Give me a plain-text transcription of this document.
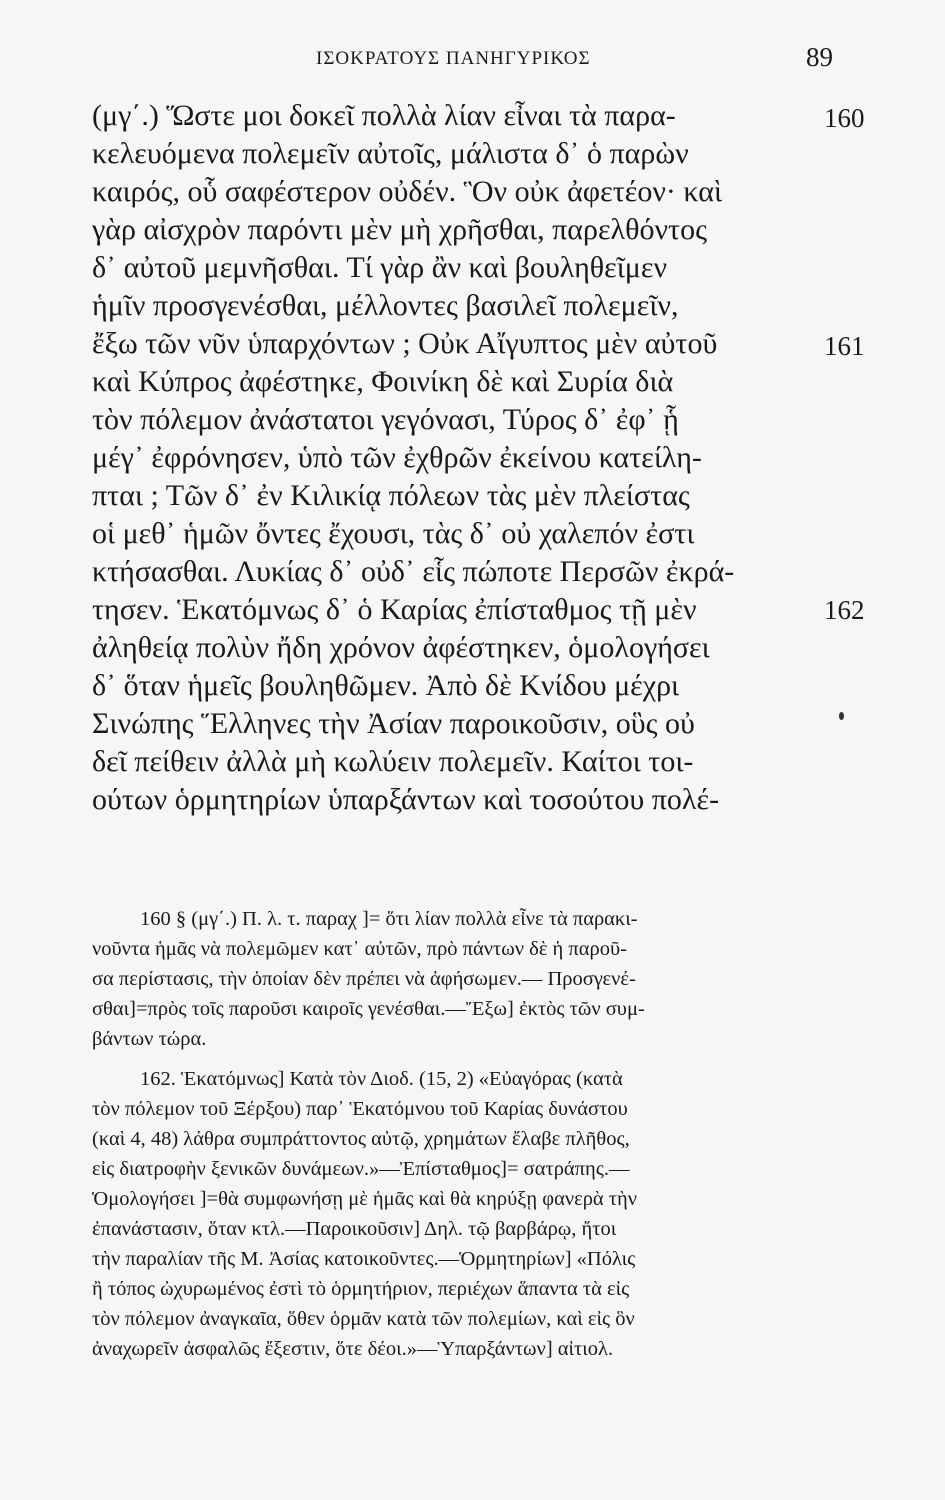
ΙΣΟΚΡΑΤΟΥΣ ΠΑΝΗΓΥΡΙΚΟΣ	89
(μγ΄.) Ὥστε μοι δοκεῖ πολλὰ λίαν εἶναι τὰ παρα-
κελευόμενα πολεμεῖν αὐτοῖς, μάλιστα δ᾽ ὁ παρὼν
καιρός, οὗ σαφέστερον οὐδέν. Ὃν οὐκ ἀφετέον· καὶ
γὰρ αἰσχρὸν παρόντι μὲν μὴ χρῆσθαι, παρελθόντος
δ᾽ αὐτοῦ μεμνῆσθαι. Τί γὰρ ἂν καὶ βουληθεῖμεν
ἡμῖν προσγενέσθαι, μέλλοντες βασιλεῖ πολεμεῖν,
ἔξω τῶν νῦν ὑπαρχόντων ; Οὐκ Αἴγυπτος μὲν αὐτοῦ
καὶ Κύπρος ἀφέστηκε, Φοινίκη δὲ καὶ Συρία διὰ
τὸν πόλεμον ἀνάστατοι γεγόνασι, Τύρος δ᾽ ἐφ᾽ ᾗ
μέγ᾽ ἐφρόνησεν, ὑπὸ τῶν ἐχθρῶν ἐκείνου κατείλη-
πται ; Τῶν δ᾽ ἐν Κιλικίᾳ πόλεων τὰς μὲν πλείστας
οἱ μεθ᾽ ἡμῶν ὄντες ἔχουσι, τὰς δ᾽ οὐ χαλεπόν ἐστι
κτήσασθαι. Λυκίας δ᾽ οὐδ᾽ εἷς πώποτε Περσῶν ἐκρά-
τησεν. Ἑκατόμνως δ᾽ ὁ Καρίας ἐπίσταθμος τῇ μὲν
ἀληθείᾳ πολὺν ἤδη χρόνον ἀφέστηκεν, ὁμολογήσει
δ᾽ ὅταν ἡμεῖς βουληθῶμεν. Ἀπὸ δὲ Κνίδου μέχρι
Σινώπης Ἕλληνες τὴν Ἀσίαν παροικοῦσιν, οὓς οὐ
δεῖ πείθειν ἀλλὰ μὴ κωλύειν πολεμεῖν. Καίτοι τοι-
ούτων ὁρμητηρίων ὑπαρξάντων καὶ τοσούτου πολέ-
160
161
162
160 § (μγ΄.) Π. λ. τ. παραχ ]= ὅτι λίαν πολλὰ εἶνε τὰ παρακι-
νοῦντα ἡμᾶς νὰ πολεμῶμεν κατ᾽ αὐτῶν, πρὸ πάντων δὲ ἡ παροῦ-
σα περίστασις, τὴν ὁποίαν δὲν πρέπει νὰ ἀφήσωμεν.— Προσγενέ-
σθαι]=πρὸς τοῖς παροῦσι καιροῖς γενέσθαι.—Ἔξω] ἐκτὸς τῶν συμ-
βάντων τώρα.
162. Ἑκατόμνως] Κατὰ τὸν Διοδ. (15, 2) «Εὐαγόρας (κατὰ
τὸν πόλεμον τοῦ Ξέρξου) παρ᾽ Ἑκατόμνου τοῦ Καρίας δυνάστου
(καὶ 4, 48) λάθρα συμπράττοντος αὐτῷ, χρημάτων ἔλαβε πλῆθος,
εἰς διατροφὴν ξενικῶν δυνάμεων.»—Ἐπίσταθμος]= σατράπης.—
Ὁμολογήσει ]=θὰ συμφωνήσῃ μὲ ἡμᾶς καὶ θὰ κηρύξῃ φανερὰ τὴν
ἐπανάστασιν, ὅταν κτλ.—Παροικοῦσιν] Δηλ. τῷ βαρβάρῳ, ἤτοι
τὴν παραλίαν τῆς Μ. Ἀσίας κατοικοῦντες.—Ὁρμητηρίων] «Πόλις
ἢ τόπος ὠχυρωμένος ἐστὶ τὸ ὁρμητήριον, περιέχων ἅπαντα τὰ εἰς
τὸν πόλεμον ἀναγκαῖα, ὅθεν ὁρμᾶν κατὰ τῶν πολεμίων, καὶ εἰς ὃν
ἀναχωρεῖν ἀσφαλῶς ἔξεστιν, ὅτε δέοι.»—Ὑπαρξάντων] αἰτιολ.
